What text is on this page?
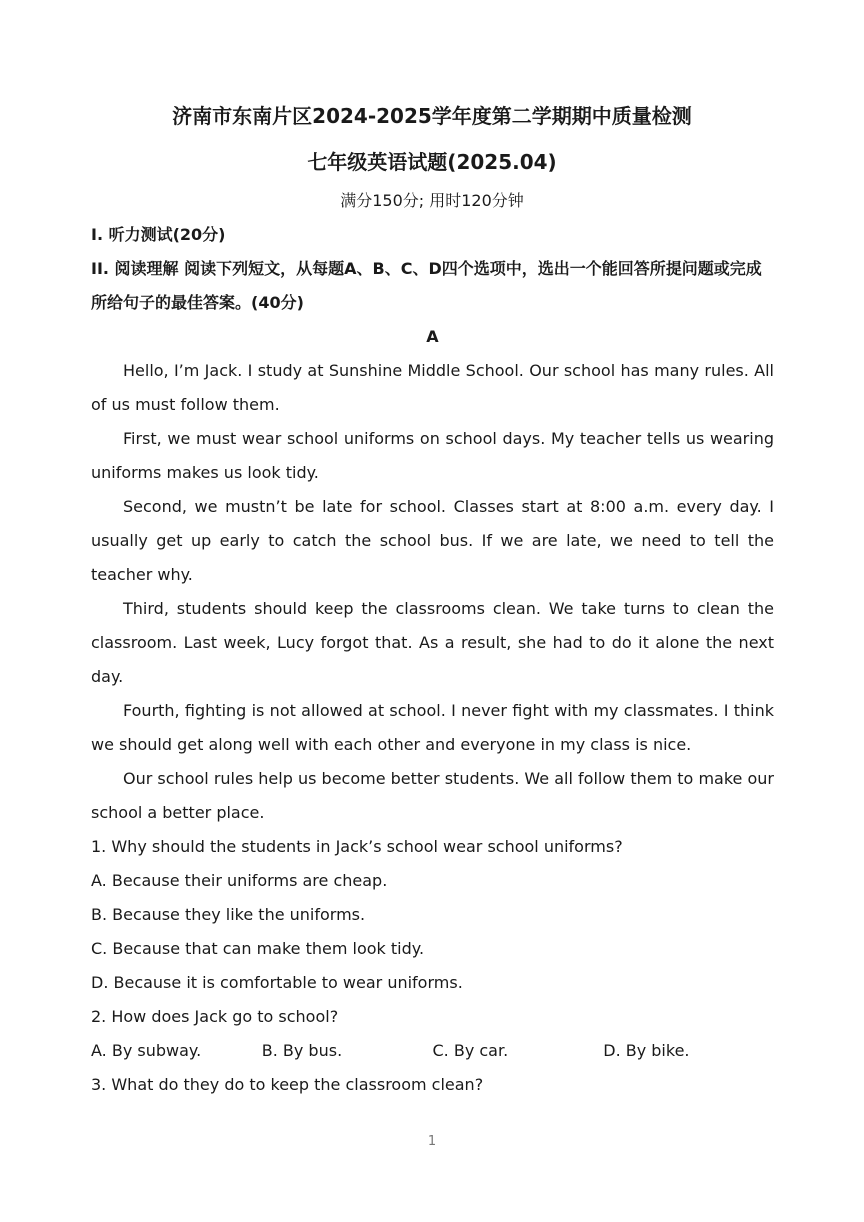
济南市东南片区2024-2025学年度第二学期期中质量检测
七年级英语试题(2025.04)
满分150分; 用时120分钟
I. 听力测试(20分)
II. 阅读理解 阅读下列短文，从每题A、B、C、D四个选项中，选出一个能回答所提问题或完成所给句子的最佳答案。(40分)
A
Hello, I’m Jack. I study at Sunshine Middle School. Our school has many rules. All of us must follow them.
First, we must wear school uniforms on school days. My teacher tells us wearing uniforms makes us look tidy.
Second, we mustn’t be late for school. Classes start at 8:00 a.m. every day. I usually get up early to catch the school bus. If we are late, we need to tell the teacher why.
Third, students should keep the classrooms clean. We take turns to clean the classroom. Last week, Lucy forgot that. As a result, she had to do it alone the next day.
Fourth, fighting is not allowed at school. I never fight with my classmates. I think we should get along well with each other and everyone in my class is nice.
Our school rules help us become better students. We all follow them to make our school a better place.
1. Why should the students in Jack’s school wear school uniforms?
A. Because their uniforms are cheap.
B. Because they like the uniforms.
C. Because that can make them look tidy.
D. Because it is comfortable to wear uniforms.
2. How does Jack go to school?
A. By subway.	B. By bus.	C. By car.	D. By bike.
3. What do they do to keep the classroom clean?
1
